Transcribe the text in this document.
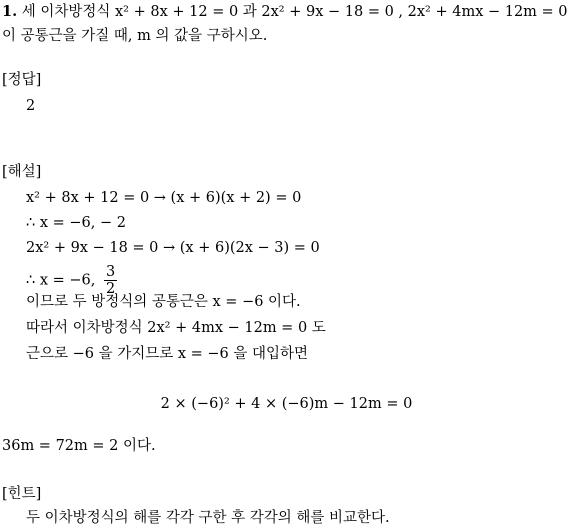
1. 세 이차방정식 x² + 8x + 12 = 0 과 2x² + 9x − 18 = 0 , 2x² + 4mx − 12m = 0
이 공통근을 가질 때, m 의 값을 구하시오.
[정답]
2
[해설]
x² + 8x + 12 = 0 → (x + 6)(x + 2) = 0
∴ x = −6, − 2
2x² + 9x − 18 = 0 → (x + 6)(2x − 3) = 0
∴ x = −6, $\frac{3}{2}$
이므로 두 방정식의 공통근은 x = −6 이다.
따라서 이차방정식 2x² + 4mx − 12m = 0 도
근으로 −6 을 가지므로 x = −6 을 대입하면
2 × (−6)² + 4 × (−6)m − 12m = 0
36m = 72m = 2 이다.
[힌트]
두 이차방정식의 해를 각각 구한 후 각각의 해를 비교한다.
